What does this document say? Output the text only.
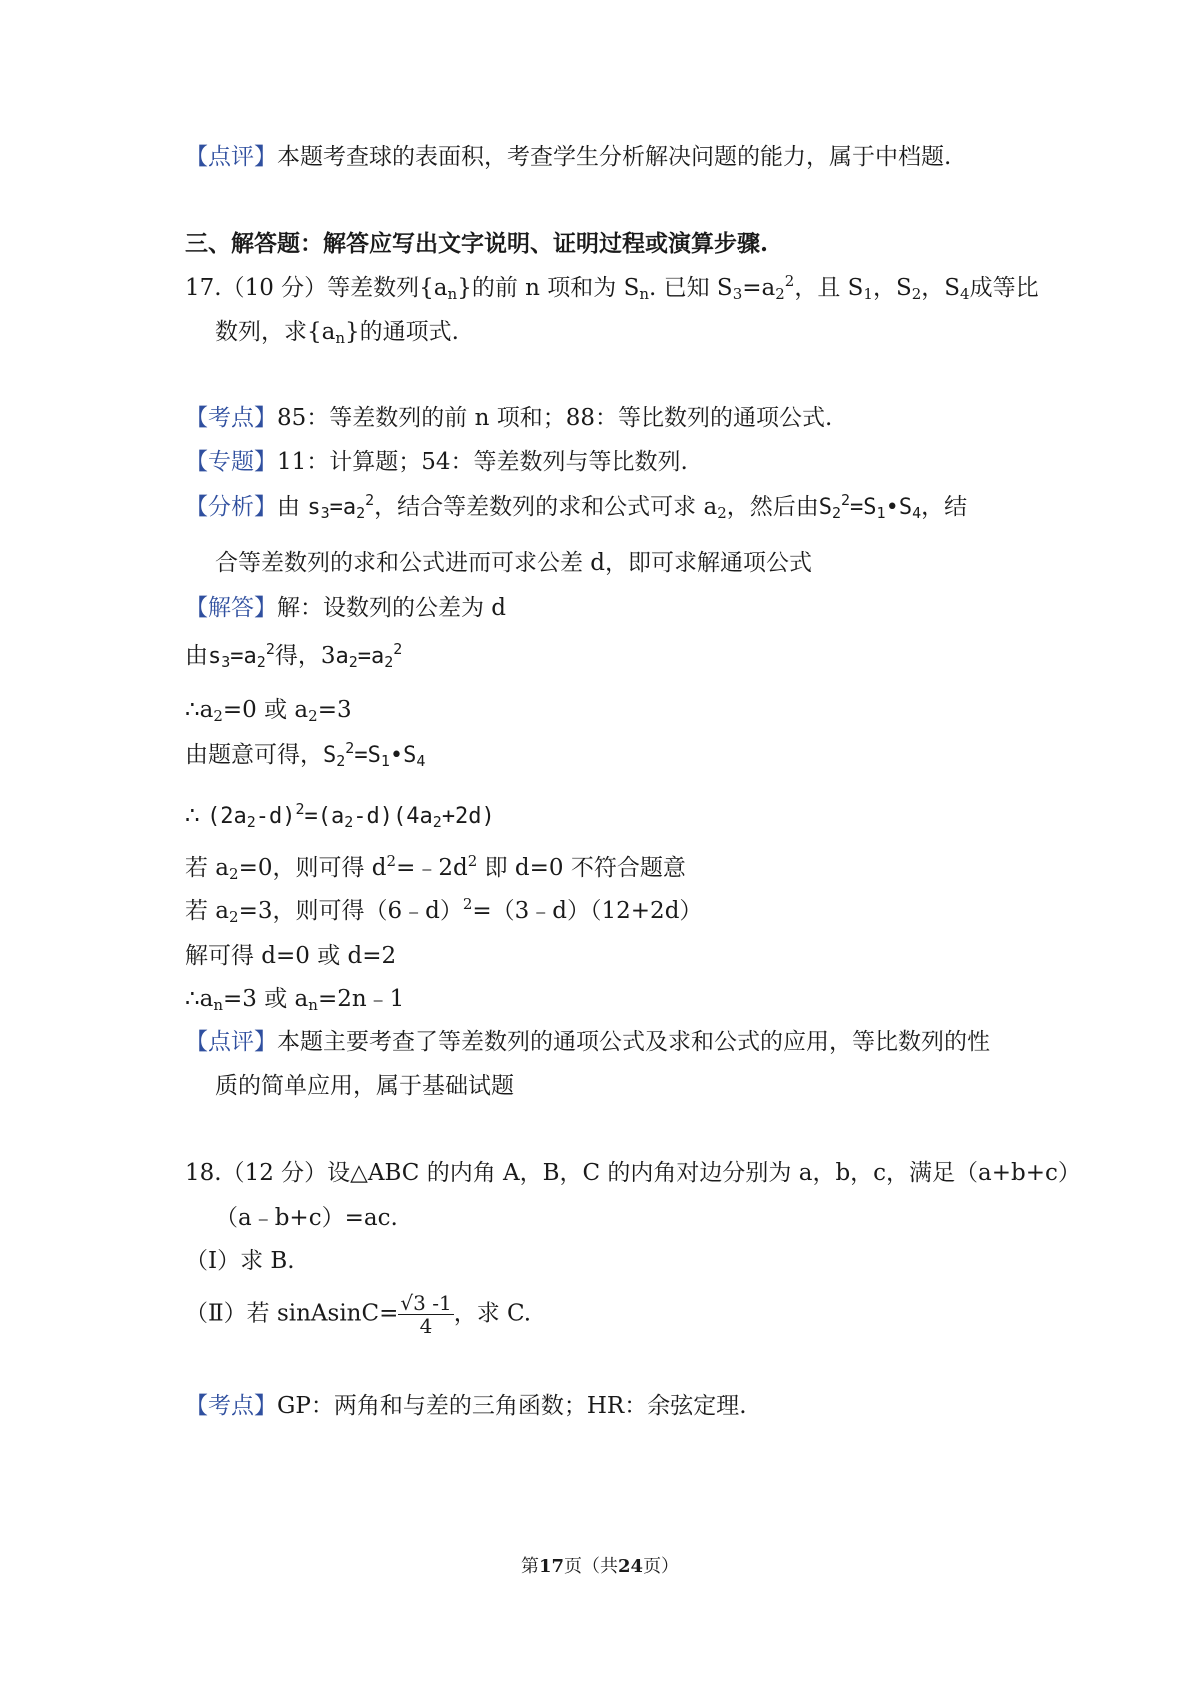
【点评】本题考查球的表面积，考查学生分析解决问题的能力，属于中档题.
三、解答题：解答应写出文字说明、证明过程或演算步骤.
17.（10 分）等差数列$\{a_n\}$的前 n 项和为 $S_n$. 已知 $S_3=a_2^2$，且 $S_1$，$S_2$，$S_4$成等比
数列，求$\{a_n\}$的通项式.
【考点】85：等差数列的前 n 项和；88：等比数列的通项公式.
【专题】11：计算题；54：等差数列与等比数列.
【分析】由 $s_3=a_2^2$，结合等差数列的求和公式可求 $a_2$，然后由$S_2^2=S_1•S_4$，结
合等差数列的求和公式进而可求公差 d，即可求解通项公式
【解答】解：设数列的公差为 d
由$s_3=a_2^2$得，$3a_2=a_2^2$
$\therefore a_2=0$ 或 $a_2=3$
由题意可得，$S_2^2=S_1•S_4$
∴ $(2a_2-d)^2=(a_2-d)(4a_2+2d)$
若 $a_2=0$，则可得 $d^2=﹣2d^2$ 即 d=0 不符合题意
若 $a_2=3$，则可得（6﹣d）$^2$=（3﹣d）（12+2d）
解可得 d=0 或 d=2
$\therefore a_n=3$ 或 $a_n=2n﹣1$
【点评】本题主要考查了等差数列的通项公式及求和公式的应用，等比数列的性
质的简单应用，属于基础试题
18.（12 分）设△ABC 的内角 A，B，C 的内角对边分别为 a，b，c，满足（a+b+c）
（a﹣b+c）=ac.
（Ⅰ）求 B.
（Ⅱ）若 sinAsinC= $\frac{√3 -1}{4}$ ，求 C.
【考点】GP：两角和与差的三角函数；HR：余弦定理.
第17页（共24页）
